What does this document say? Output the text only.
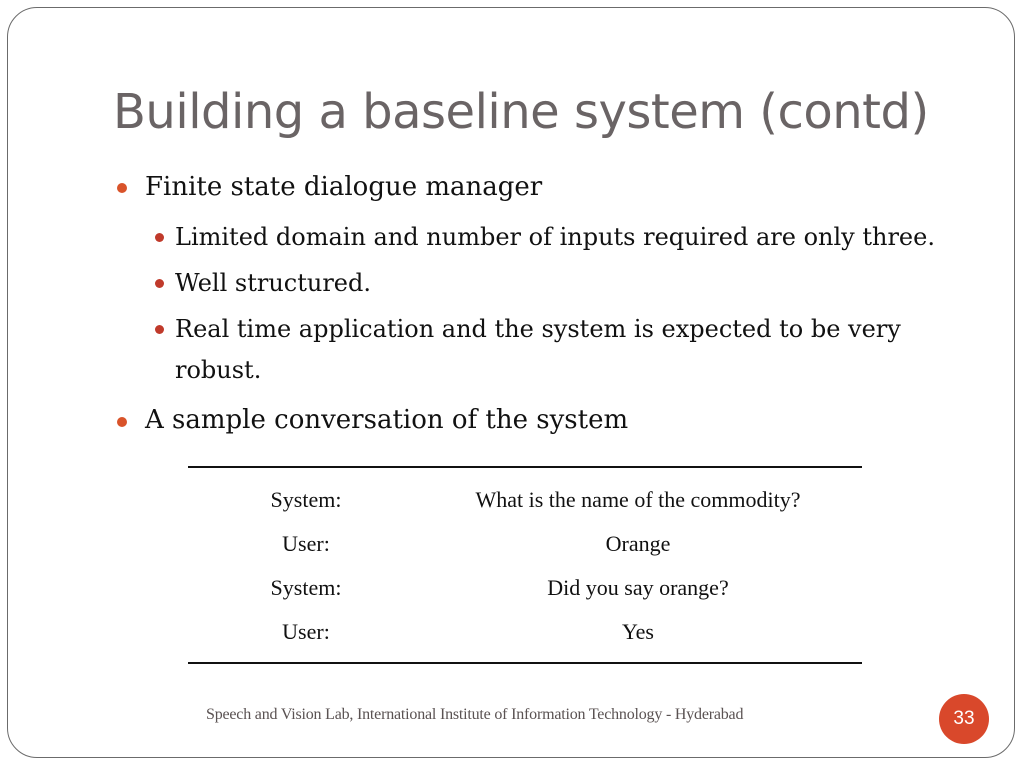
Building a baseline system (contd)
Finite state dialogue manager
Limited domain and number of inputs required are only three.
Well structured.
Real time application and the system is expected to be very
robust.
A sample conversation of the system
System:	What is the name of the commodity?
User:	Orange
System:	Did you say orange?
User:	Yes
Speech and Vision Lab, International Institute of Information Technology - Hyderabad	33
